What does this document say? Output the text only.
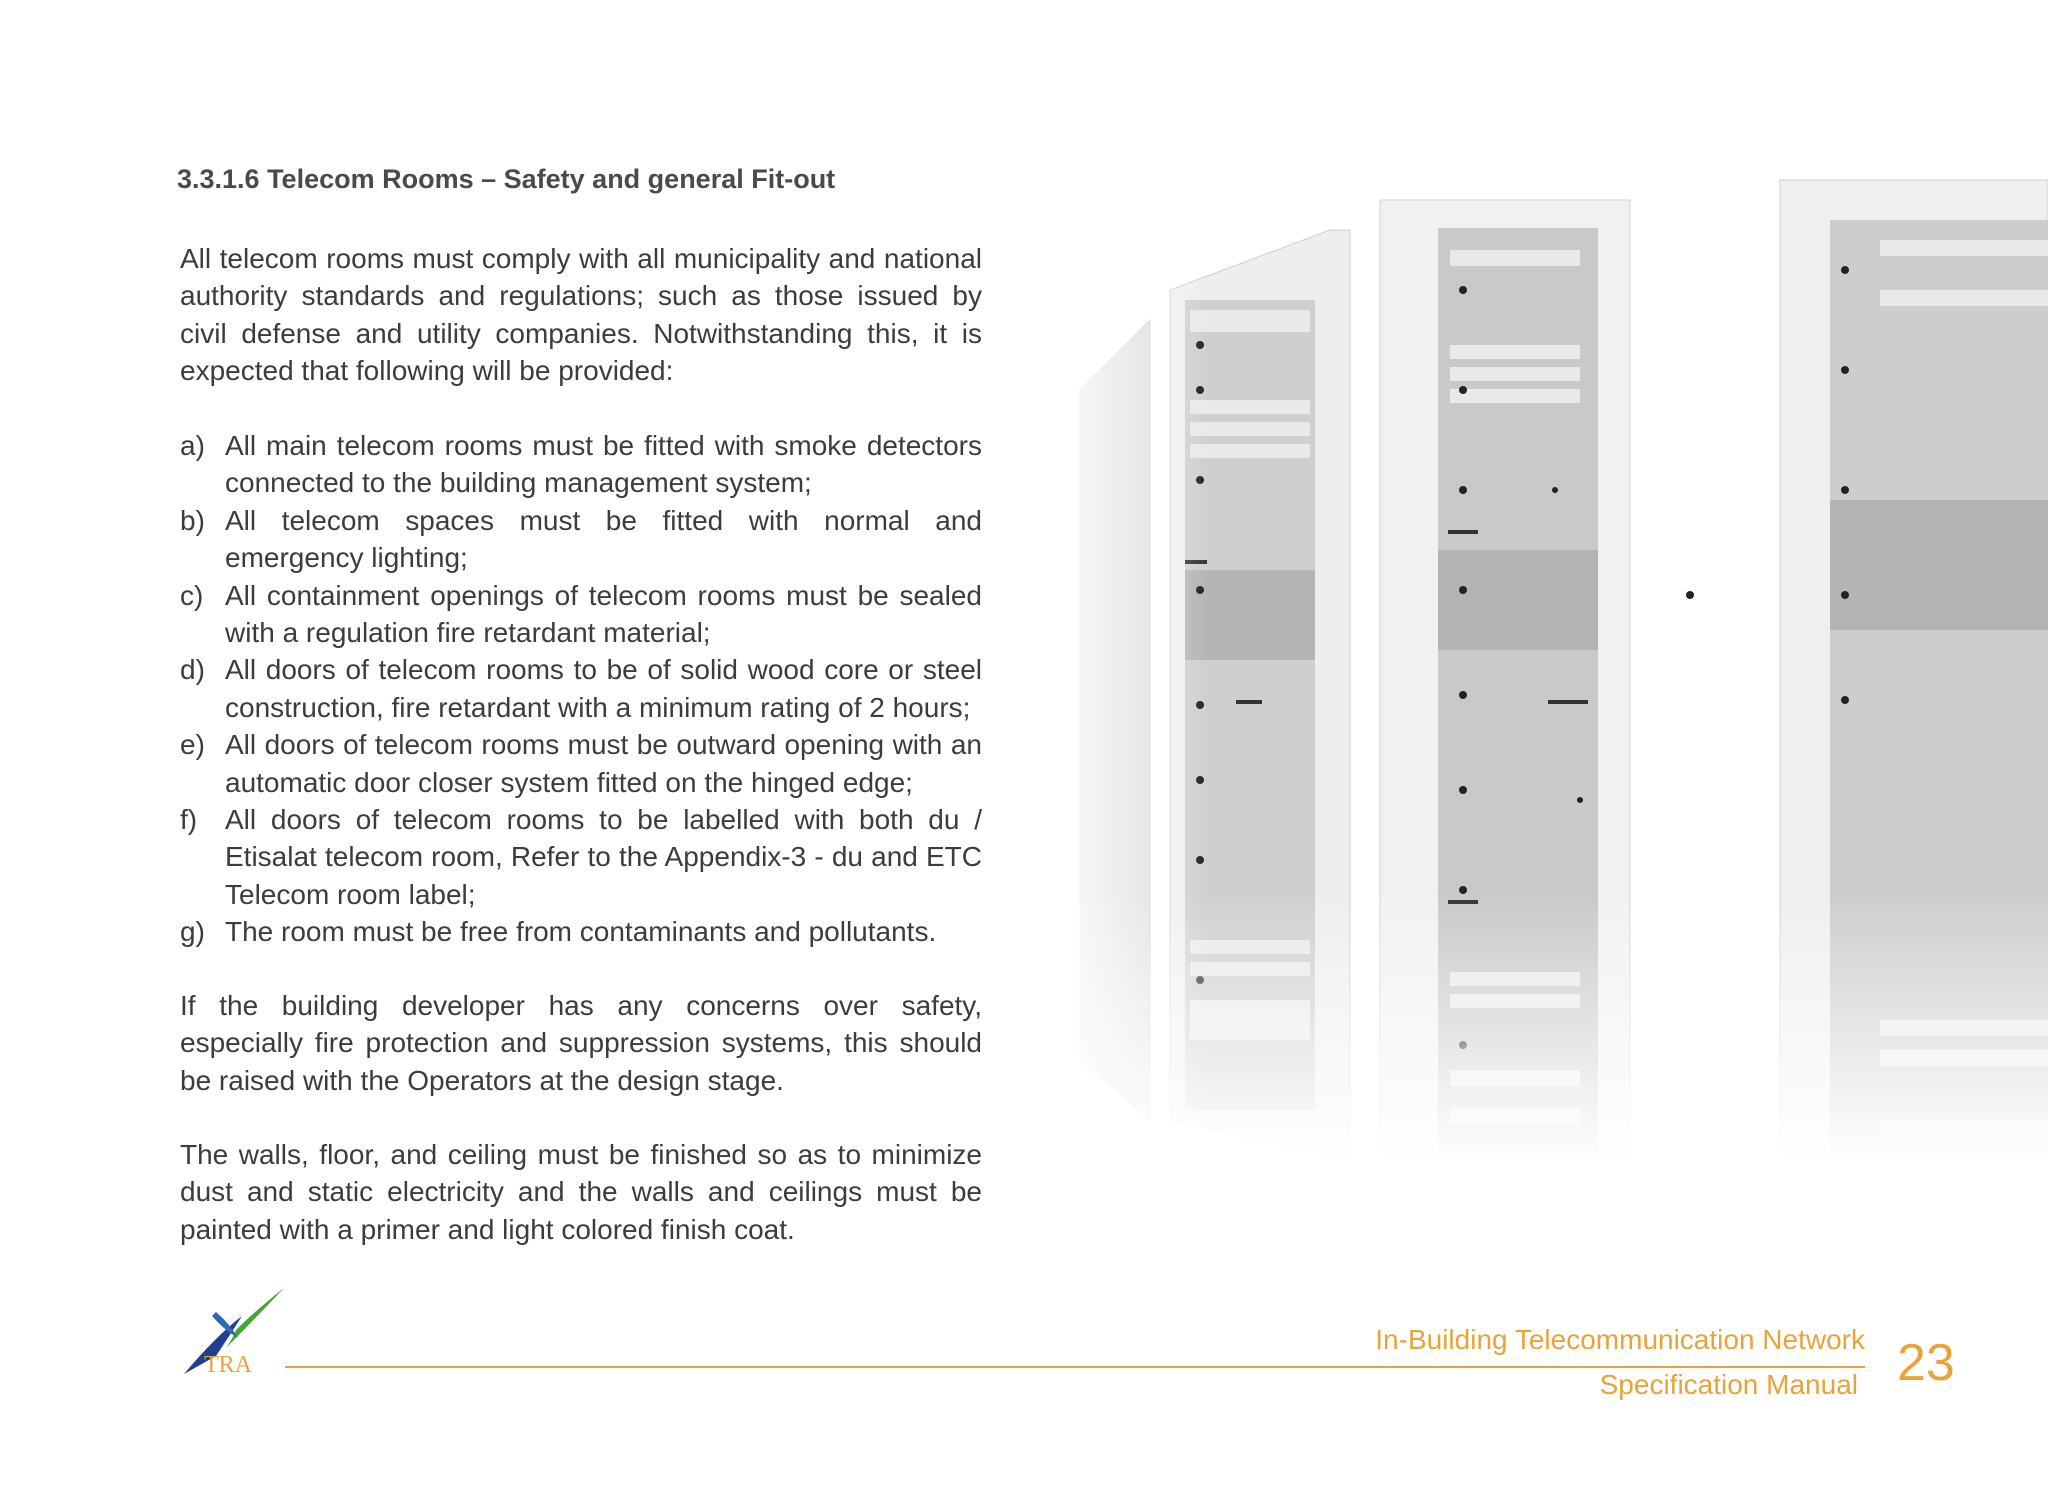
3.3.1.6 Telecom Rooms – Safety and general Fit-out

All telecom rooms must comply with all municipality and national authority standards and regulations; such as those issued by civil defense and utility companies. Notwithstanding this, it is expected that following will be provided:

a) All main telecom rooms must be fitted with smoke detectors connected to the building management system;
b) All telecom spaces must be fitted with normal and emergency lighting;
c) All containment openings of telecom rooms must be sealed with a regulation fire retardant material;
d) All doors of telecom rooms to be of solid wood core or steel construction, fire retardant with a minimum rating of 2 hours;
e) All doors of telecom rooms must be outward opening with an automatic door closer system fitted on the hinged edge;
f) All doors of telecom rooms to be labelled with both du / Etisalat telecom room, Refer to the Appendix-3 - du and ETC Telecom room label;
g) The room must be free from contaminants and pollutants.

If the building developer has any concerns over safety, especially fire protection and suppression systems, this should be raised with the Operators at the design stage.

The walls, floor, and ceiling must be finished so as to minimize dust and static electricity and the walls and ceilings must be painted with a primer and light colored finish coat.

TRA
In-Building Telecommunication Network
Specification Manual 23
